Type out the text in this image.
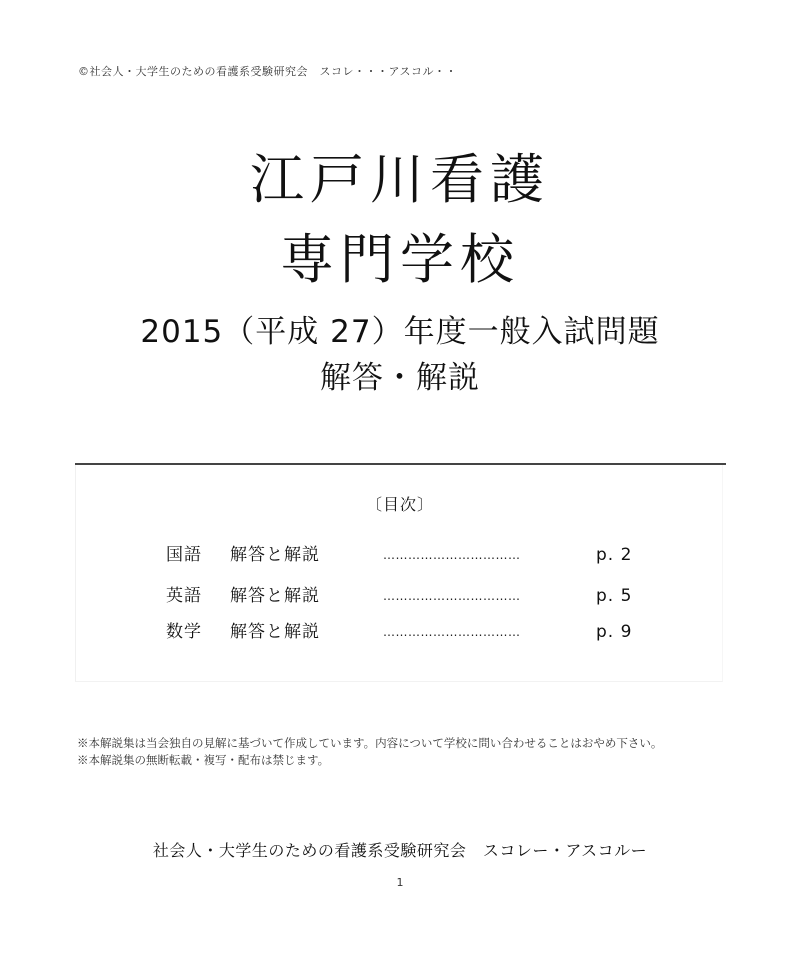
©社会人・大学生のための看護系受験研究会　スコレ・・・アスコル・・
江戸川看護
専門学校
2015（平成 27）年度一般入試問題
解答・解説
〔目次〕
国語 解答と解説	……………………………	p. 2
英語 解答と解説	……………………………	p. 5
数学 解答と解説	……………………………	p. 9

※本解説集は当会独自の見解に基づいて作成しています。内容について学校に問い合わせることはおやめ下さい。

※本解説集の無断転載・複写・配布は禁じます。

社会人・大学生のための看護系受験研究会　スコレー・アスコルー
1
